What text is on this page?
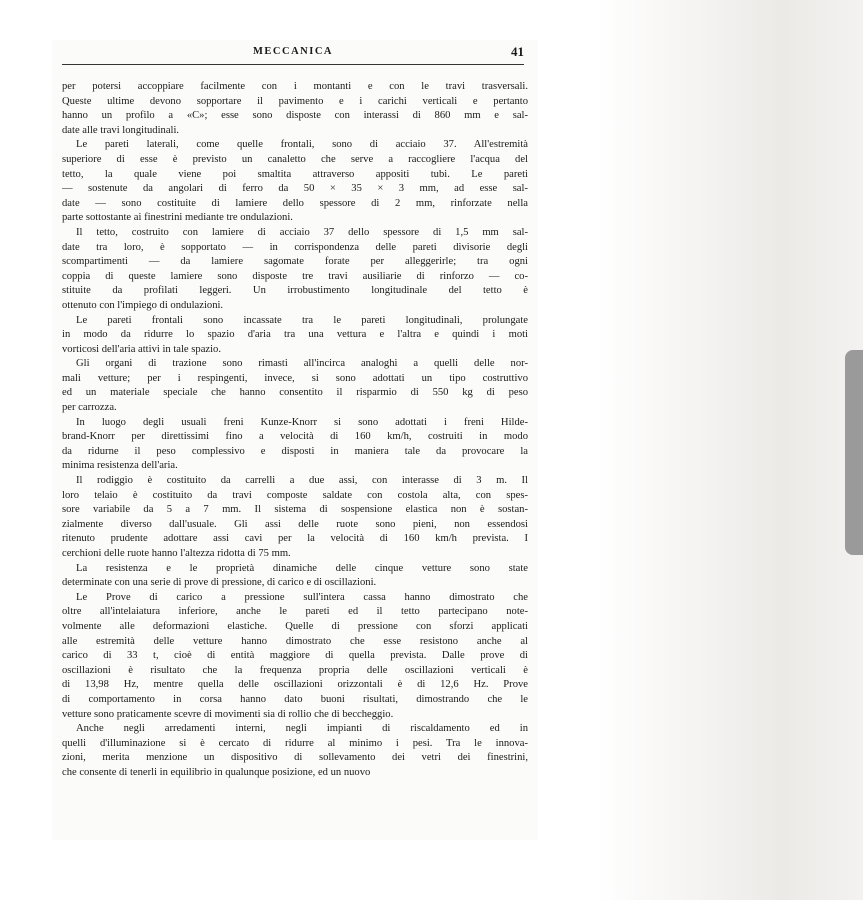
MECCANICA	41
per potersi accoppiare facilmente con i montanti e con le travi trasversali.
Queste ultime devono sopportare il pavimento e i carichi verticali e pertanto
hanno un profilo a «C»; esse sono disposte con interassi di 860 mm e sal-
date alle travi longitudinali.
Le pareti laterali, come quelle frontali, sono di acciaio 37. All'estremità
superiore di esse è previsto un canaletto che serve a raccogliere l'acqua del
tetto, la quale viene poi smaltita attraverso appositi tubi. Le pareti
— sostenute da angolari di ferro da 50 × 35 × 3 mm, ad esse sal-
date — sono costituite di lamiere dello spessore di 2 mm, rinforzate nella
parte sottostante ai finestrini mediante tre ondulazioni.
Il tetto, costruito con lamiere di acciaio 37 dello spessore di 1,5 mm sal-
date tra loro, è sopportato — in corrispondenza delle pareti divisorie degli
scompartimenti — da lamiere sagomate forate per alleggerirle; tra ogni
coppia di queste lamiere sono disposte tre travi ausiliarie di rinforzo — co-
stituite da profilati leggeri. Un irrobustimento longitudinale del tetto è
ottenuto con l'impiego di ondulazioni.
Le pareti frontali sono incassate tra le pareti longitudinali, prolungate
in modo da ridurre lo spazio d'aria tra una vettura e l'altra e quindi i moti
vorticosi dell'aria attivi in tale spazio.
Gli organi di trazione sono rimasti all'incirca analoghi a quelli delle nor-
mali vetture; per i respingenti, invece, si sono adottati un tipo costruttivo
ed un materiale speciale che hanno consentito il risparmio di 550 kg di peso
per carrozza.
In luogo degli usuali freni Kunze-Knorr si sono adottati i freni Hilde-
brand-Knorr per direttissimi fino a velocità di 160 km/h, costruiti in modo
da ridurne il peso complessivo e disposti in maniera tale da provocare la
minima resistenza dell'aria.
Il rodiggio è costituito da carrelli a due assi, con interasse di 3 m. Il
loro telaio è costituito da travi composte saldate con costola alta, con spes-
sore variabile da 5 a 7 mm. Il sistema di sospensione elastica non è sostan-
zialmente diverso dall'usuale. Gli assi delle ruote sono pieni, non essendosi
ritenuto prudente adottare assi cavi per la velocità di 160 km/h prevista. I
cerchioni delle ruote hanno l'altezza ridotta di 75 mm.
La resistenza e le proprietà dinamiche delle cinque vetture sono state
determinate con una serie di prove di pressione, di carico e di oscillazioni.
Le Prove di carico a pressione sull'intera cassa hanno dimostrato che
oltre all'intelaiatura inferiore, anche le pareti ed il tetto partecipano note-
volmente alle deformazioni elastiche. Quelle di pressione con sforzi applicati
alle estremità delle vetture hanno dimostrato che esse resistono anche al
carico di 33 t, cioè di entità maggiore di quella prevista. Dalle prove di
oscillazioni è risultato che la frequenza propria delle oscillazioni verticali è
di 13,98 Hz, mentre quella delle oscillazioni orizzontali è di 12,6 Hz. Prove
di comportamento in corsa hanno dato buoni risultati, dimostrando che le
vetture sono praticamente scevre di movimenti sia di rollio che di beccheggio.
Anche negli arredamenti interni, negli impianti di riscaldamento ed in
quelli d'illuminazione si è cercato di ridurre al minimo i pesi. Tra le innova-
zioni, merita menzione un dispositivo di sollevamento dei vetri dei finestrini,
che consente di tenerli in equilibrio in qualunque posizione, ed un nuovo
